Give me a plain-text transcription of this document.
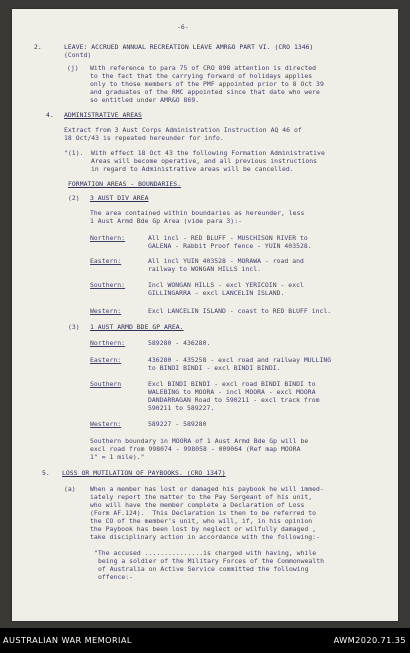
-6-
2.	LEAVE: ACCRUED ANNUAL RECREATION LEAVE AMR&O PART VI. (CRO 1346)
(Contd)
(j) With reference to para 75 of CRO 898 attention is directed
to the fact that the carrying forward of holidays applies
only to those members of the PMF appointed prior to 8 Oct 39
and graduates of the RMC appointed since that date who were
so entitled under AMR&O 869.
4. ADMINISTRATIVE AREAS
Extract from 3 Aust Corps Administration Instruction AQ 46 of
18 Oct/43 is repeated hereunder for info.
"(1). With effect 18 Oct 43 the following Formation Administrative
Areas will become operative, and all previous instructions
in regard to Administrative areas will be cancelled.
FORMATION AREAS - BOUNDARIES.
(2) 3 AUST DIV AREA
The area contained within boundaries as hereunder, less
1 Aust Armd Bde Gp Area (vide para 3):-
Northern:	All incl - RED BLUFF - MUSCHISON RIVER to
GALENA - Rabbit Proof fence - YUIN 403528.
Eastern:	All incl YUIN 403528 - MORAWA - road and
railway to WONGAN HILLS incl.
Southern:	Incl WONGAN HILLS - excl YERICOIN - excl
GILLINGARRA - excl LANCELIN ISLAND.
Western:	Excl LANCELIN ISLAND - coast to RED BLUFF incl.
(3) 1 AUST ARMD BDE GP AREA.
Northern:	589280 - 436280.
Eastern:	436280 - 435258 - excl road and railway MULLING
to BINDI BINDI - excl BINDI BINDI.
Southern	Excl BINDI BINDI - excl road BINDI BINDI to
WALEBING to MOORA - incl MOORA - excl MOORA
DANDARRAGAN Road to 590211 - excl track from
590211 to 589227.
Western:	589227 - 589280
Southern boundary in MOORA of 1 Aust Armd Bde Gp will be
excl road from 998074 - 998058 - 009064 (Ref map MOORA
1" = 1 mile)."
5. LOSS OR MUTILATION OF PAYBOOKS. (CRO 1347)
(a) When a member has lost or damaged his paybook he will immed-
iately report the matter to the Pay Sergeant of his unit,
who will have the member complete a Declaration of Loss
(Form AF.124).  This Declaration is then to be referred to
the CO of the member's unit, who will, if, in his opinion
the Paybook has been lost by neglect or wilfully damaged ,
take disciplinary action in accordance with the following:-
"The accused ...............is charged with having, while
being a soldier of the Military Forces of the Commonwealth
of Australia on Active Service committed the following
offence:-
AUSTRALIAN WAR MEMORIAL	AWM2020.71.35
